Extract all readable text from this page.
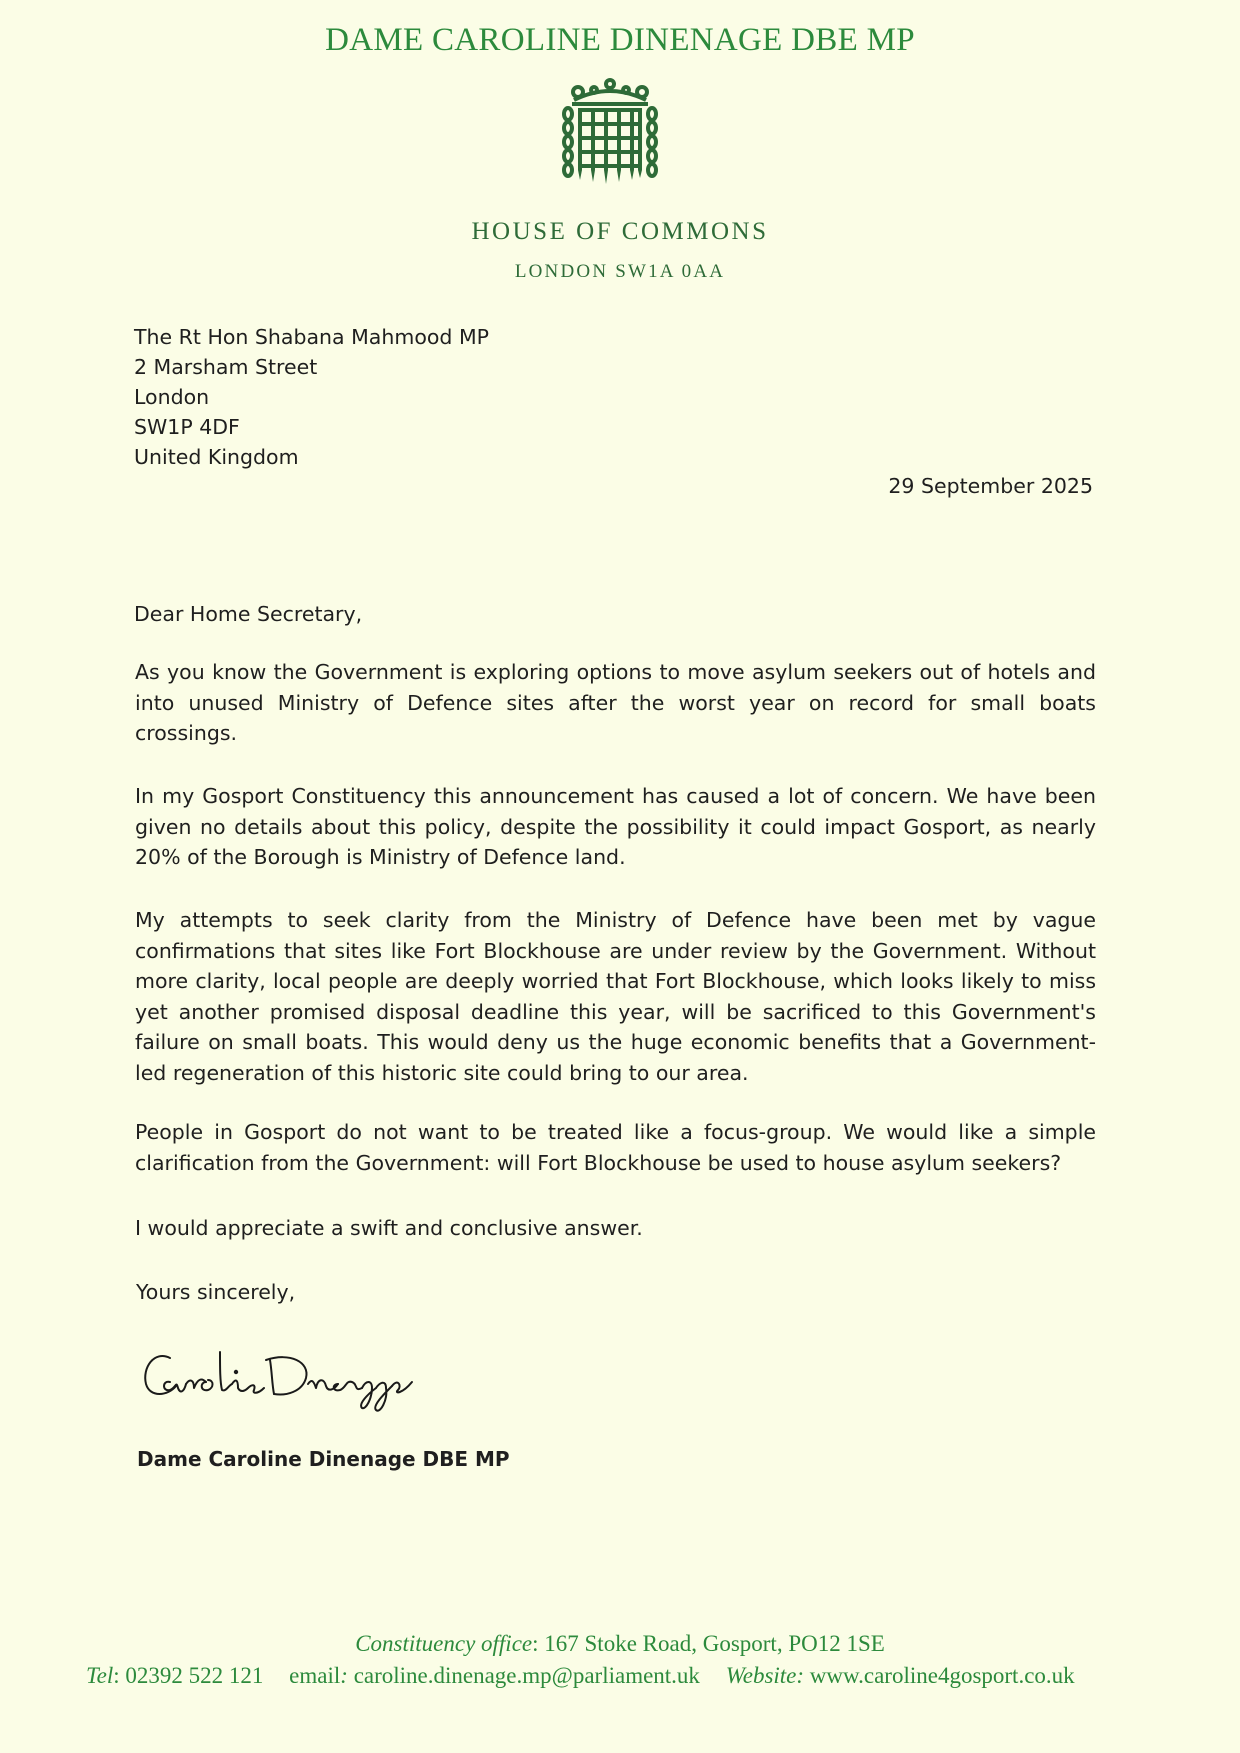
DAME CAROLINE DINENAGE DBE MP
HOUSE OF COMMONS
LONDON SW1A 0AA
The Rt Hon Shabana Mahmood MP
2 Marsham Street
London
SW1P 4DF
United Kingdom
29 September 2025
Dear Home Secretary,
As you know the Government is exploring options to move asylum seekers out of hotels and into unused Ministry of Defence sites after the worst year on record for small boats crossings.
In my Gosport Constituency this announcement has caused a lot of concern. We have been given no details about this policy, despite the possibility it could impact Gosport, as nearly 20% of the Borough is Ministry of Defence land.
My attempts to seek clarity from the Ministry of Defence have been met by vague confirmations that sites like Fort Blockhouse are under review by the Government. Without more clarity, local people are deeply worried that Fort Blockhouse, which looks likely to miss yet another promised disposal deadline this year, will be sacrificed to this Government's failure on small boats. This would deny us the huge economic benefits that a Government-led regeneration of this historic site could bring to our area.
People in Gosport do not want to be treated like a focus-group. We would like a simple clarification from the Government: will Fort Blockhouse be used to house asylum seekers?
I would appreciate a swift and conclusive answer.
Yours sincerely,
Dame Caroline Dinenage DBE MP
Constituency office: 167 Stoke Road, Gosport, PO12 1SE
Tel: 02392 522 121 email: caroline.dinenage.mp@parliament.uk Website: www.caroline4gosport.co.uk
